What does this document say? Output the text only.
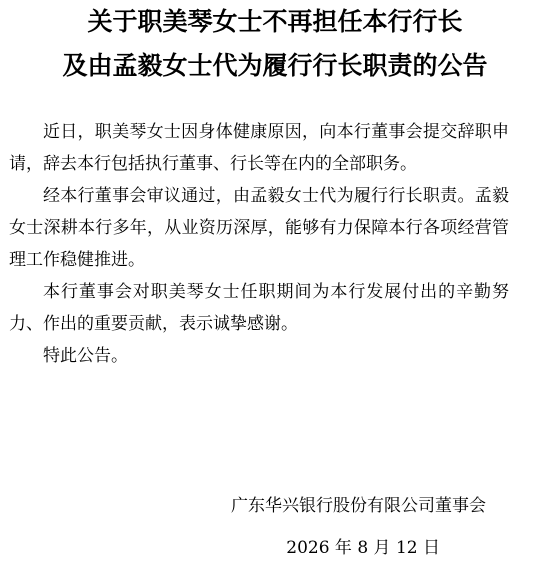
关于职美琴女士不再担任本行行长
及由孟毅女士代为履行行长职责的公告

近日，职美琴女士因身体健康原因，向本行董事会提交辞职申请，辞去本行包括执行董事、行长等在内的全部职务。

经本行董事会审议通过，由孟毅女士代为履行行长职责。孟毅女士深耕本行多年，从业资历深厚，能够有力保障本行各项经营管理工作稳健推进。

本行董事会对职美琴女士任职期间为本行发展付出的辛勤努力、作出的重要贡献，表示诚挚感谢。

特此公告。

广东华兴银行股份有限公司董事会
2026 年 8 月 12 日
